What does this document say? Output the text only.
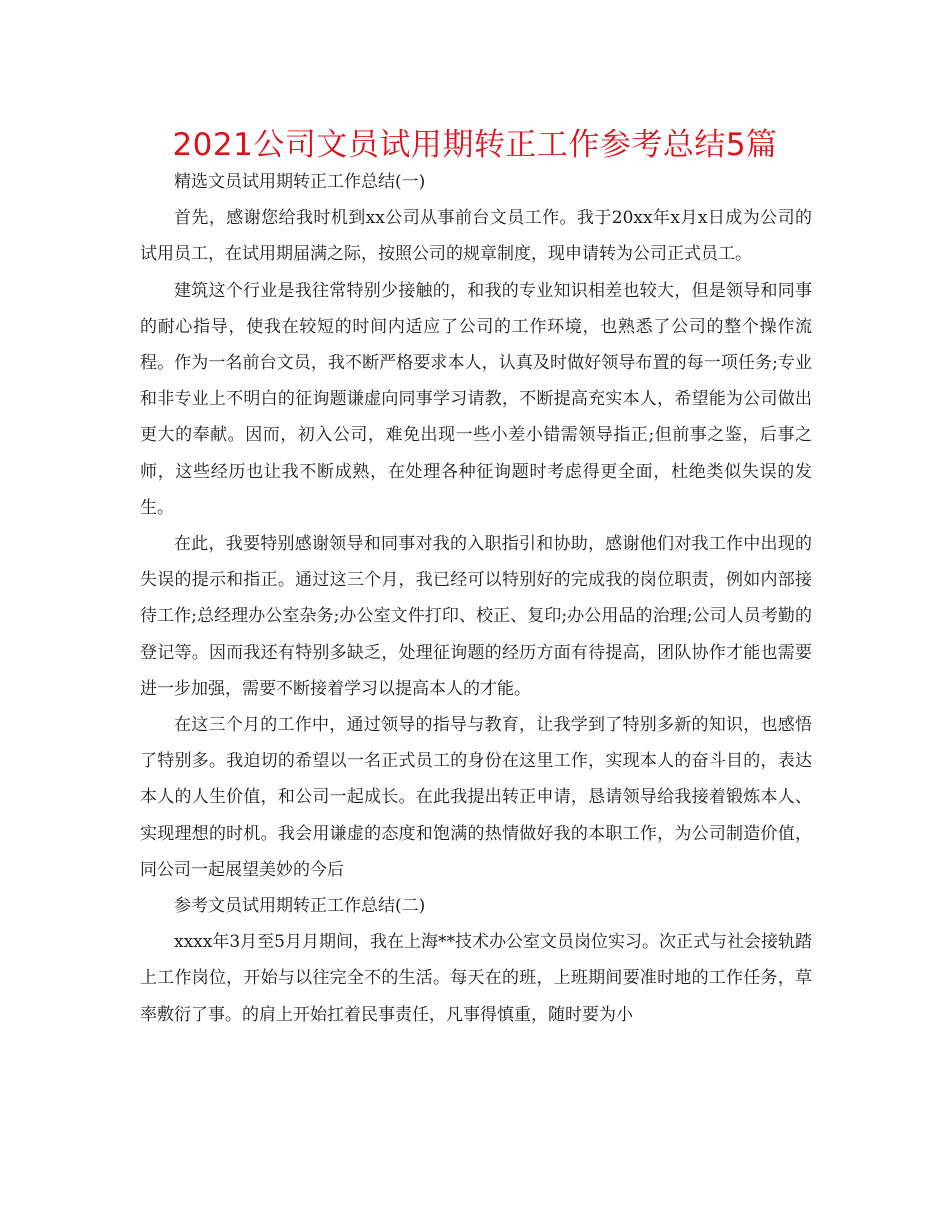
2021公司文员试用期转正工作参考总结5篇

精选文员试用期转正工作总结(一)

首先，感谢您给我时机到xx公司从事前台文员工作。我于20xx年x月x日成为公司的试用员工，在试用期届满之际，按照公司的规章制度，现申请转为公司正式员工。

建筑这个行业是我往常特别少接触的，和我的专业知识相差也较大，但是领导和同事的耐心指导，使我在较短的时间内适应了公司的工作环境，也熟悉了公司的整个操作流程。作为一名前台文员，我不断严格要求本人，认真及时做好领导布置的每一项任务;专业和非专业上不明白的征询题谦虚向同事学习请教，不断提高充实本人，希望能为公司做出更大的奉献。因而，初入公司，难免出现一些小差小错需领导指正;但前事之鉴，后事之师，这些经历也让我不断成熟，在处理各种征询题时考虑得更全面，杜绝类似失误的发生。

在此，我要特别感谢领导和同事对我的入职指引和协助，感谢他们对我工作中出现的失误的提示和指正。通过这三个月，我已经可以特别好的完成我的岗位职责，例如内部接待工作;总经理办公室杂务;办公室文件打印、校正、复印;办公用品的治理;公司人员考勤的登记等。因而我还有特别多缺乏，处理征询题的经历方面有待提高，团队协作才能也需要进一步加强，需要不断接着学习以提高本人的才能。

在这三个月的工作中，通过领导的指导与教育，让我学到了特别多新的知识，也感悟了特别多。我迫切的希望以一名正式员工的身份在这里工作，实现本人的奋斗目的，表达本人的人生价值，和公司一起成长。在此我提出转正申请，恳请领导给我接着锻炼本人、实现理想的时机。我会用谦虚的态度和饱满的热情做好我的本职工作，为公司制造价值，同公司一起展望美妙的今后

参考文员试用期转正工作总结(二)

xxxx年3月至5月月期间，我在上海**技术办公室文员岗位实习。次正式与社会接轨踏上工作岗位，开始与以往完全不的生活。每天在的班，上班期间要准时地的工作任务，草率敷衍了事。的肩上开始扛着民事责任，凡事得慎重，随时要为小
